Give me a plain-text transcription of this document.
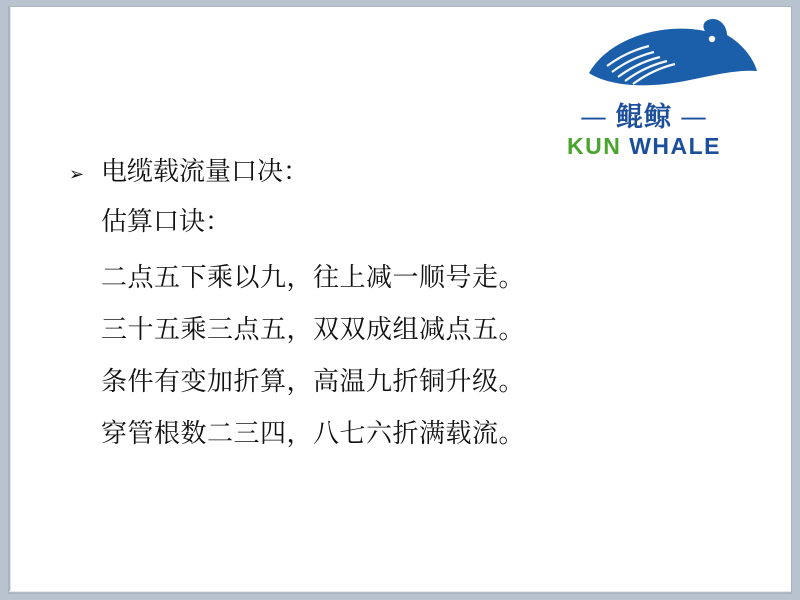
— 鲲鲸 —
KUN WHALE
➢ 电缆载流量口决：
估算口诀：
二点五下乘以九，往上减一顺号走。
三十五乘三点五，双双成组减点五。
条件有变加折算，高温九折铜升级。
穿管根数二三四，八七六折满载流。
